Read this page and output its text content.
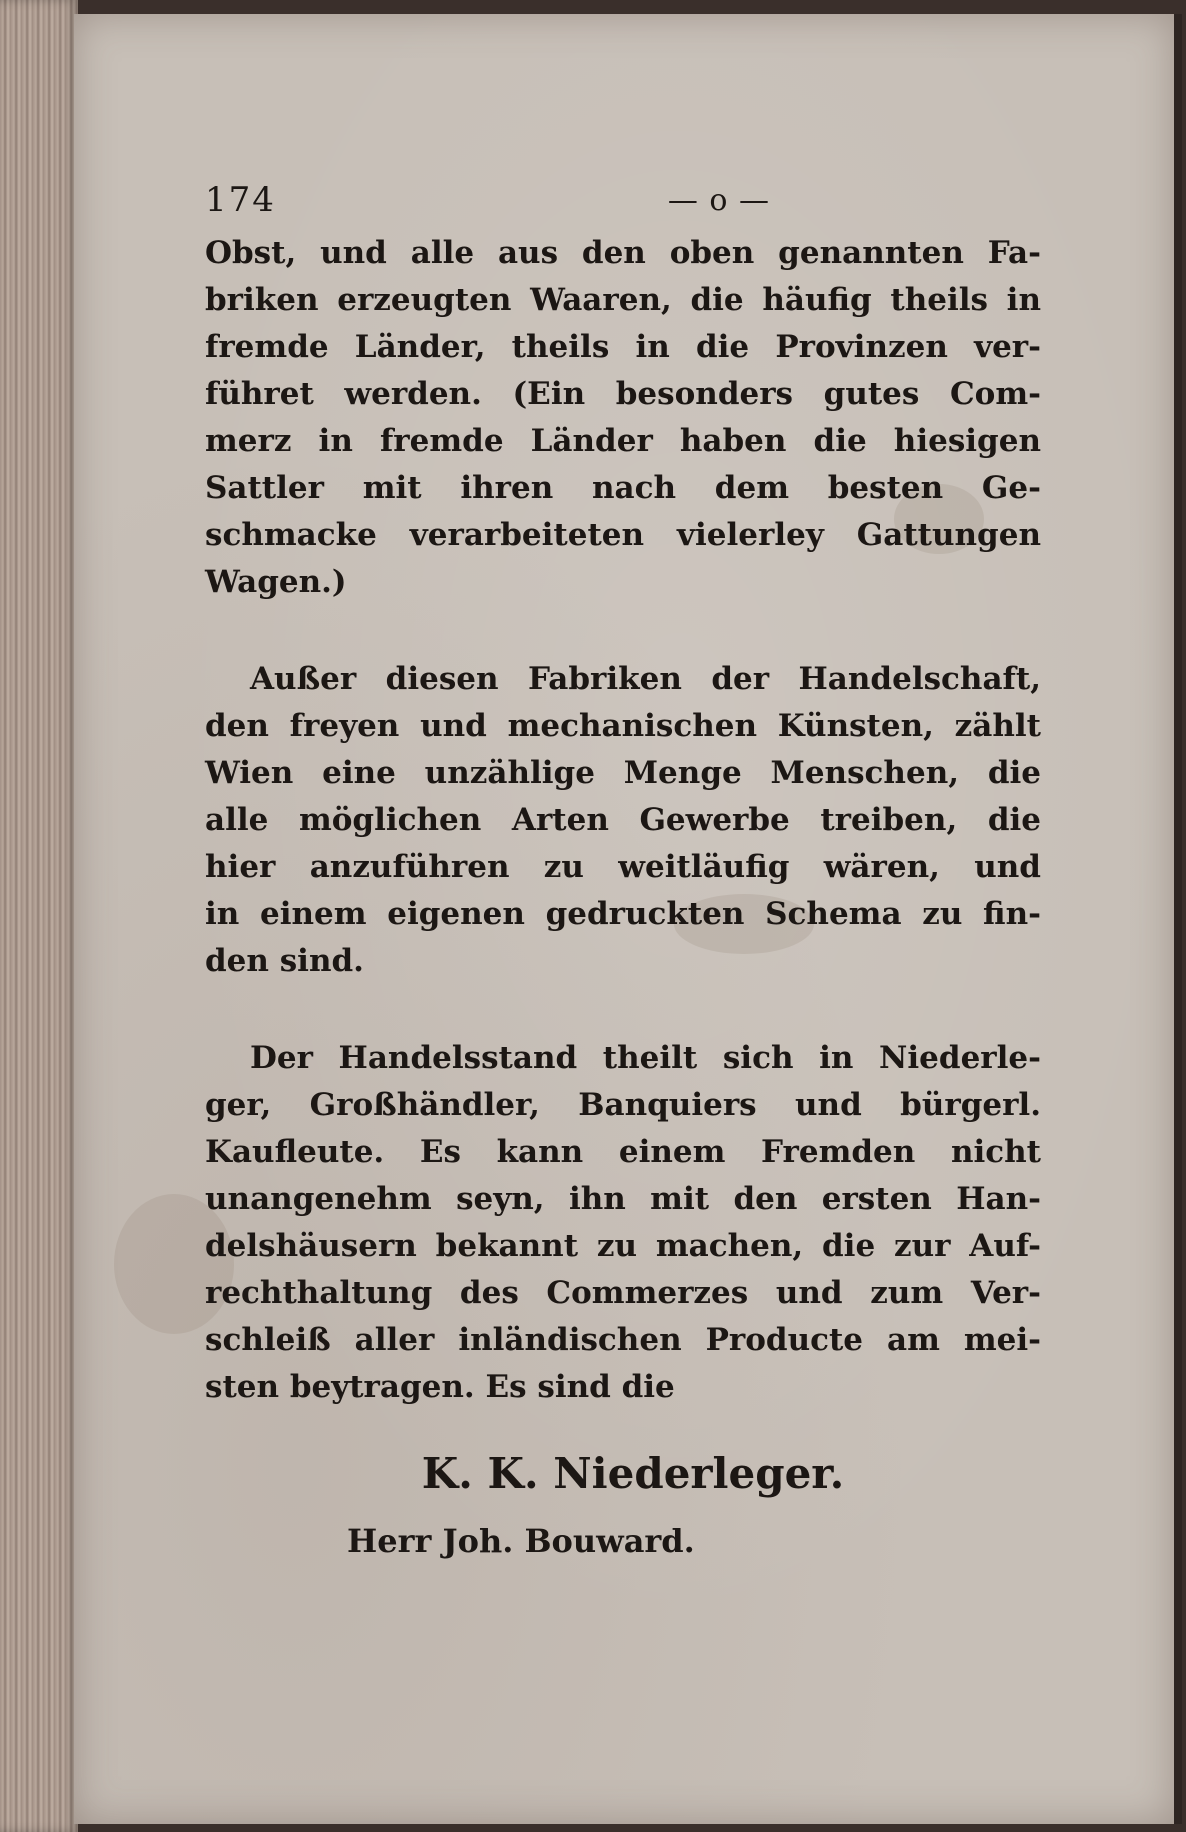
174	— o —

Obst, und alle aus den oben genannten Fa-
briken erzeugten Waaren, die häufig theils in
fremde Länder, theils in die Provinzen ver-
führet werden. (Ein besonders gutes Com-
merz in fremde Länder haben die hiesigen
Sattler mit ihren nach dem besten Ge-
schmacke verarbeiteten vielerley Gattungen
Wagen.)

Außer diesen Fabriken der Handelschaft,
den freyen und mechanischen Künsten, zählt
Wien eine unzählige Menge Menschen, die
alle möglichen Arten Gewerbe treiben, die
hier anzuführen zu weitläufig wären, und
in einem eigenen gedruckten Schema zu fin-
den sind.

Der Handelsstand theilt sich in Niederle-
ger, Großhändler, Banquiers und bürgerl.
Kaufleute. Es kann einem Fremden nicht
unangenehm seyn, ihn mit den ersten Han-
delshäusern bekannt zu machen, die zur Auf-
rechthaltung des Commerzes und zum Ver-
schleiß aller inländischen Producte am mei-
sten beytragen. Es sind die

K. K. Niederleger.
Herr Joh. Bouward.
